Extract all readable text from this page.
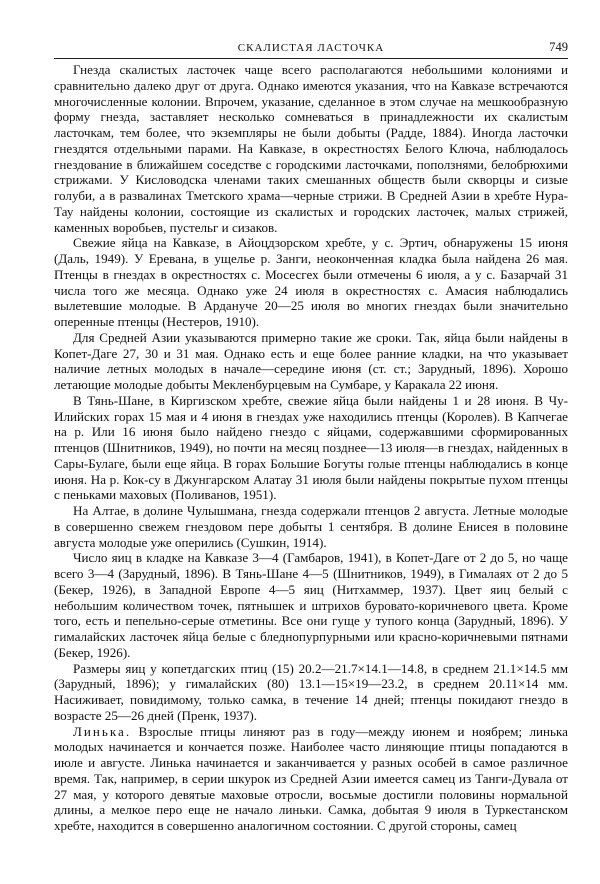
СКАЛИСТАЯ ЛАСТОЧКА	749

Гнезда скалистых ласточек чаще всего располагаются небольшими колониями и сравнительно далеко друг от друга. Однако имеются указания, что на Кавказе встречаются многочисленные колонии. Впрочем, указание, сделанное в этом случае на мешкообразную форму гнезда, заставляет несколько сомневаться в принадлежности их скалистым ласточкам, тем более, что экземпляры не были добыты (Радде, 1884). Иногда ласточки гнездятся отдельными парами. На Кавказе, в окрестностях Белого Ключа, наблюдалось гнездование в ближайшем соседстве с городскими ласточками, поползнями, белобрюхими стрижами. У Кисловодска членами таких смешанных обществ были скворцы и сизые голуби, а в развалинах Тметского храма—черные стрижи. В Средней Азии в хребте Нура-Тау найдены колонии, состоящие из скалистых и городских ласточек, малых стрижей, каменных воробьев, пустельг и сизаков.

Свежие яйца на Кавказе, в Айоцдзорском хребте, у с. Эртич, обнаружены 15 июня (Даль, 1949). У Еревана, в ущелье р. Занги, неоконченная кладка была найдена 26 мая. Птенцы в гнездах в окрестностях с. Мосесгех были отмечены 6 июля, а у с. Базарчай 31 числа того же месяца. Однако уже 24 июля в окрестностях с. Амасия наблюдались вылетевшие молодые. В Ардануче 20—25 июля во многих гнездах были значительно оперенные птенцы (Нестеров, 1910).

Для Средней Азии указываются примерно такие же сроки. Так, яйца были найдены в Копет-Даге 27, 30 и 31 мая. Однако есть и еще более ранние кладки, на что указывает наличие летных молодых в начале—середине июня (ст. ст.; Зарудный, 1896). Хорошо летающие молодые добыты Мекленбурцевым на Сумбаре, у Каракала 22 июня.

В Тянь-Шане, в Киргизском хребте, свежие яйца были найдены 1 и 28 июня. В Чу-Илийских горах 15 мая и 4 июня в гнездах уже находились птенцы (Королев). В Капчегае на р. Или 16 июня было найдено гнездо с яйцами, содержавшими сформированных птенцов (Шнитников, 1949), но почти на месяц позднее—13 июля—в гнездах, найденных в Сары-Булаге, были еще яйца. В горах Большие Богуты голые птенцы наблюдались в конце июня. На р. Кок-су в Джунгарском Алатау 31 июля были найдены покрытые пухом птенцы с пеньками маховых (Поливанов, 1951).

На Алтае, в долине Чулышмана, гнезда содержали птенцов 2 августа. Летные молодые в совершенно свежем гнездовом пере добыты 1 сентября. В долине Енисея в половине августа молодые уже оперились (Сушкин, 1914).

Число яиц в кладке на Кавказе 3—4 (Гамбаров, 1941), в Копет-Даге от 2 до 5, но чаще всего 3—4 (Зарудный, 1896). В Тянь-Шане 4—5 (Шнитников, 1949), в Гималаях от 2 до 5 (Бекер, 1926), в Западной Европе 4—5 яиц (Нитхаммер, 1937). Цвет яиц белый с небольшим количеством точек, пятнышек и штрихов буровато-коричневого цвета. Кроме того, есть и пепельно-серые отметины. Все они гуще у тупого конца (Зарудный, 1896). У гималайских ласточек яйца белые с бледнопурпурными или красно-коричневыми пятнами (Бекер, 1926).

Размеры яиц у копетдагских птиц (15) 20.2—21.7×14.1—14.8, в среднем 21.1×14.5 мм (Зарудный, 1896); у гималайских (80) 13.1—15×19—23.2, в среднем 20.11×14 мм. Насиживает, повидимому, только самка, в течение 14 дней; птенцы покидают гнездо в возрасте 25—26 дней (Пренк, 1937).

Линька. Взрослые птицы линяют раз в году—между июнем и ноябрем; линька молодых начинается и кончается позже. Наиболее часто линяющие птицы попадаются в июле и августе. Линька начинается и заканчивается у разных особей в самое различное время. Так, например, в серии шкурок из Средней Азии имеется самец из Танги-Дувала от 27 мая, у которого девятые маховые отросли, восьмые достигли половины нормальной длины, а мелкое перо еще не начало линьки. Самка, добытая 9 июля в Туркестанском хребте, находится в совершенно аналогичном состоянии. С другой стороны, самец
